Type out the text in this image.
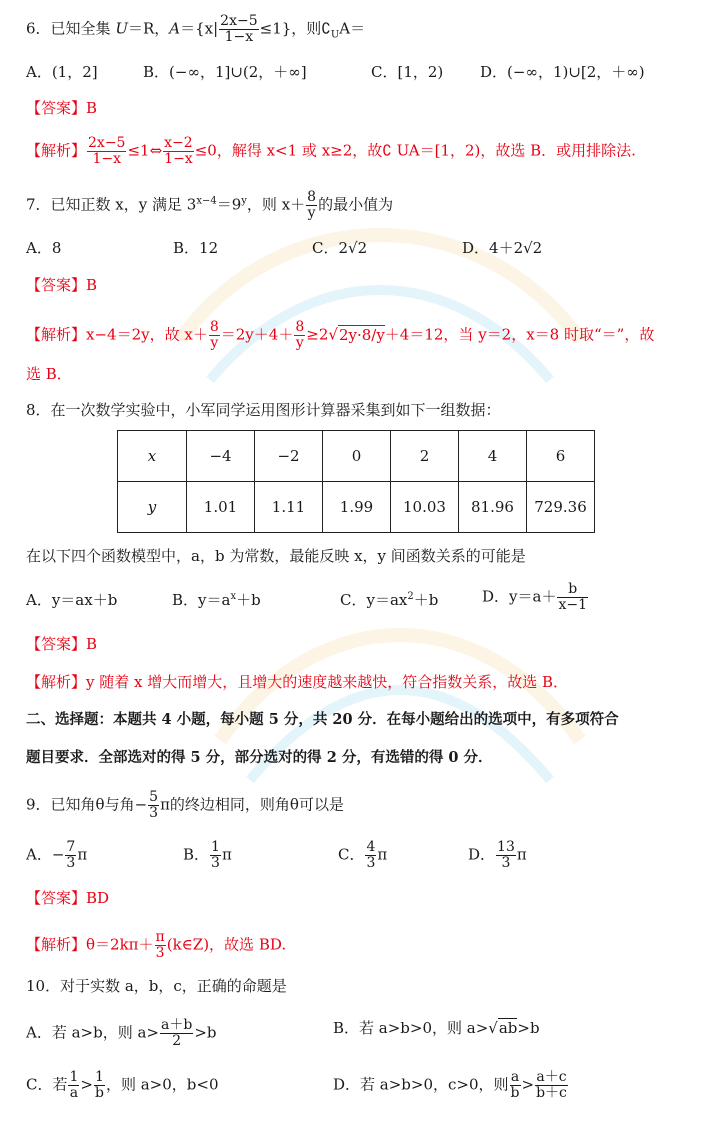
6．已知全集 U＝R，$A=\{x| \frac{2x-5}{1-x} \le 1\}$，则$∁_UA=$
A．(1，2]	B．(−∞，1]∪(2，＋∞]	C．[1，2) D．(−∞，1)∪[2，＋∞)
【答案】B
【解析】 $\frac{2x-5}{1-x}$ ≤1⇔ $\frac{x-2}{1-x} \le 0$，解得 x<1 或 x≥2，故∁ UA＝[1，2)，故选 B．或用排除法.
7．已知正数 x，y 满足 $3^{x-4}=9^y$，则 $x+ \frac{8}{y}$ 的最小值为
A．8	B．12	C．2√2	D．4＋2√2
【答案】B
【解析】x−4＝2y，故 $x+ \frac{8}{y} =2y+4+ \frac{8}{y} \ge 2√2y\cdot 8/y+4=12$，当 y＝2，x＝8 时取“＝”，故
选 B．
8．在一次数学实验中，小军同学运用图形计算器采集到如下一组数据：
x	−4	−2	0	2	4	6
y	1.01	1.11	1.99	10.03	81.96	729.36
在以下四个函数模型中，a，b 为常数，最能反映 x，y 间函数关系的可能是
A．y＝ax＋b	B．$y=a^x+b$	C．$y=ax^2+b$	D．$y=a+ \frac{b}{x-1}$
【答案】B
【解析】y 随着 x 增大而增大，且增大的速度越来越快，符合指数关系，故选 B．
二、选择题：本题共 4 小题，每小题 5 分，共 20 分．在每小题给出的选项中，有多项符合
题目要求．全部选对的得 5 分，部分选对的得 2 分，有选错的得 0 分．
9．已知角θ与角− $\frac{5}{3}$ π的终边相同，则角θ可以是
A．− $\frac{7}{3}$ π	B． $\frac{1}{3}$ π	C． $\frac{4}{3}$ π	D． $\frac{13}{3}$ π
【答案】BD
【解析】$\theta=2k\pi+ \frac{\pi}{3}$ (k∈Z)，故选 BD.
10．对于实数 a，b，c，正确的命题是
A．若 a>b，则 $a> \frac{a+b}{2} >b$	B．若 a>b>0，则 a>√ab>b
C．若 $\frac{1}{a} > \frac{1}{b}$ ，则 a>0，b<0	D．若 a>b>0，c>0，则 $\frac{a}{b} > \frac{a+c}{b+c}$
